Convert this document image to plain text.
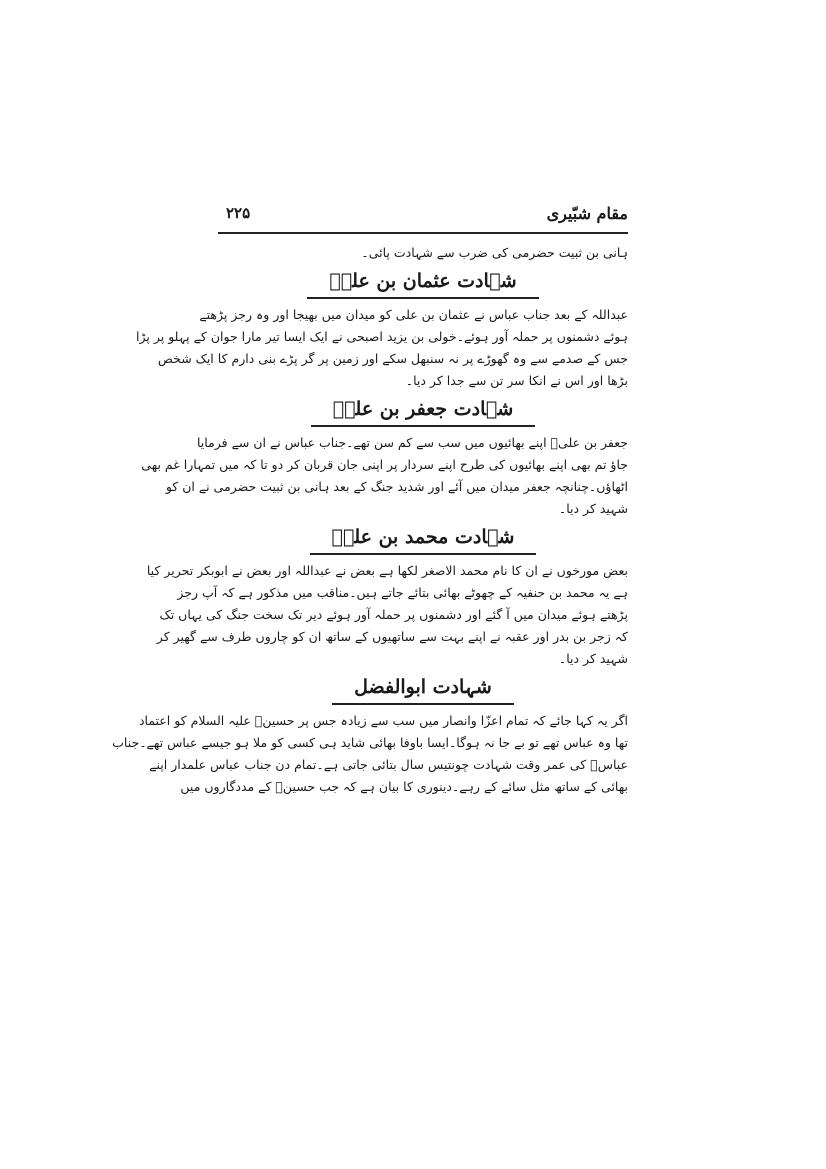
مقام شبّیری
۲۲۵
ہانی بن ثبیت حضرمی کی ضرب سے شہادت پائی۔
شہادت عثمان بن علیؑ
عبداللہ کے بعد جناب عباس نے عثمان بن علی کو میدان میں بھیجا اور وہ رجز پڑھتے
ہوئے دشمنوں پر حملہ آور ہوئے۔خولی بن یزید اصبحی نے ایک ایسا تیر مارا جوان کے پہلو پر پڑا
جس کے صدمے سے وہ گھوڑے پر نہ سنبھل سکے اور زمین پر گر پڑے بنی دارم کا ایک شخص
بڑھا اور اس نے انکا سر تن سے جدا کر دیا۔
شہادت جعفر بن علیؑ
جعفر بن علیؑ اپنے بھائیوں میں سب سے کم سن تھے۔جناب عباس نے ان سے فرمایا
جاؤ تم بھی اپنے بھائیوں کی طرح اپنے سردار پر اپنی جان قربان کر دو تا کہ میں تمہارا غم بھی
اٹھاؤں۔چنانچہ جعفر میدان میں آئے اور شدید جنگ کے بعد ہانی بن ثبیت حضرمی نے ان کو
شہید کر دیا۔
شہادت محمد بن علیؑ
بعض مورخوں نے ان کا نام محمد الاصغر لکھا ہے بعض نے عبداللہ اور بعض نے ابوبکر تحریر کیا
ہے یہ محمد بن حنفیہ کے چھوٹے بھائی بتائے جاتے ہیں۔مناقب میں مذکور ہے کہ آپ رجز
پڑھتے ہوئے میدان میں آ گئے اور دشمنوں پر حملہ آور ہوئے دیر تک سخت جنگ کی یہاں تک
کہ زجر بن بدر اور عقبہ نے اپنے بہت سے ساتھیوں کے ساتھ ان کو چاروں طرف سے گھیر کر
شہید کر دیا۔
شہادت ابوالفضل
اگر یہ کہا جائے کہ تمام اعزّا وانصار میں سب سے زیادہ جس پر حسینؑ علیہ السلام کو اعتماد
تھا وہ عباس تھے تو بے جا نہ ہوگا۔ایسا باوفا بھائی شاید ہی کسی کو ملا ہو جیسے عباس تھے۔جناب
عباسؑ کی عمر وقت شہادت چونتیس سال بتائی جاتی ہے۔تمام دن جناب عباس علمدار اپنے
بھائی کے ساتھ مثل سائے کے رہے۔دینوری کا بیان ہے کہ جب حسینؑ کے مددگاروں میں
